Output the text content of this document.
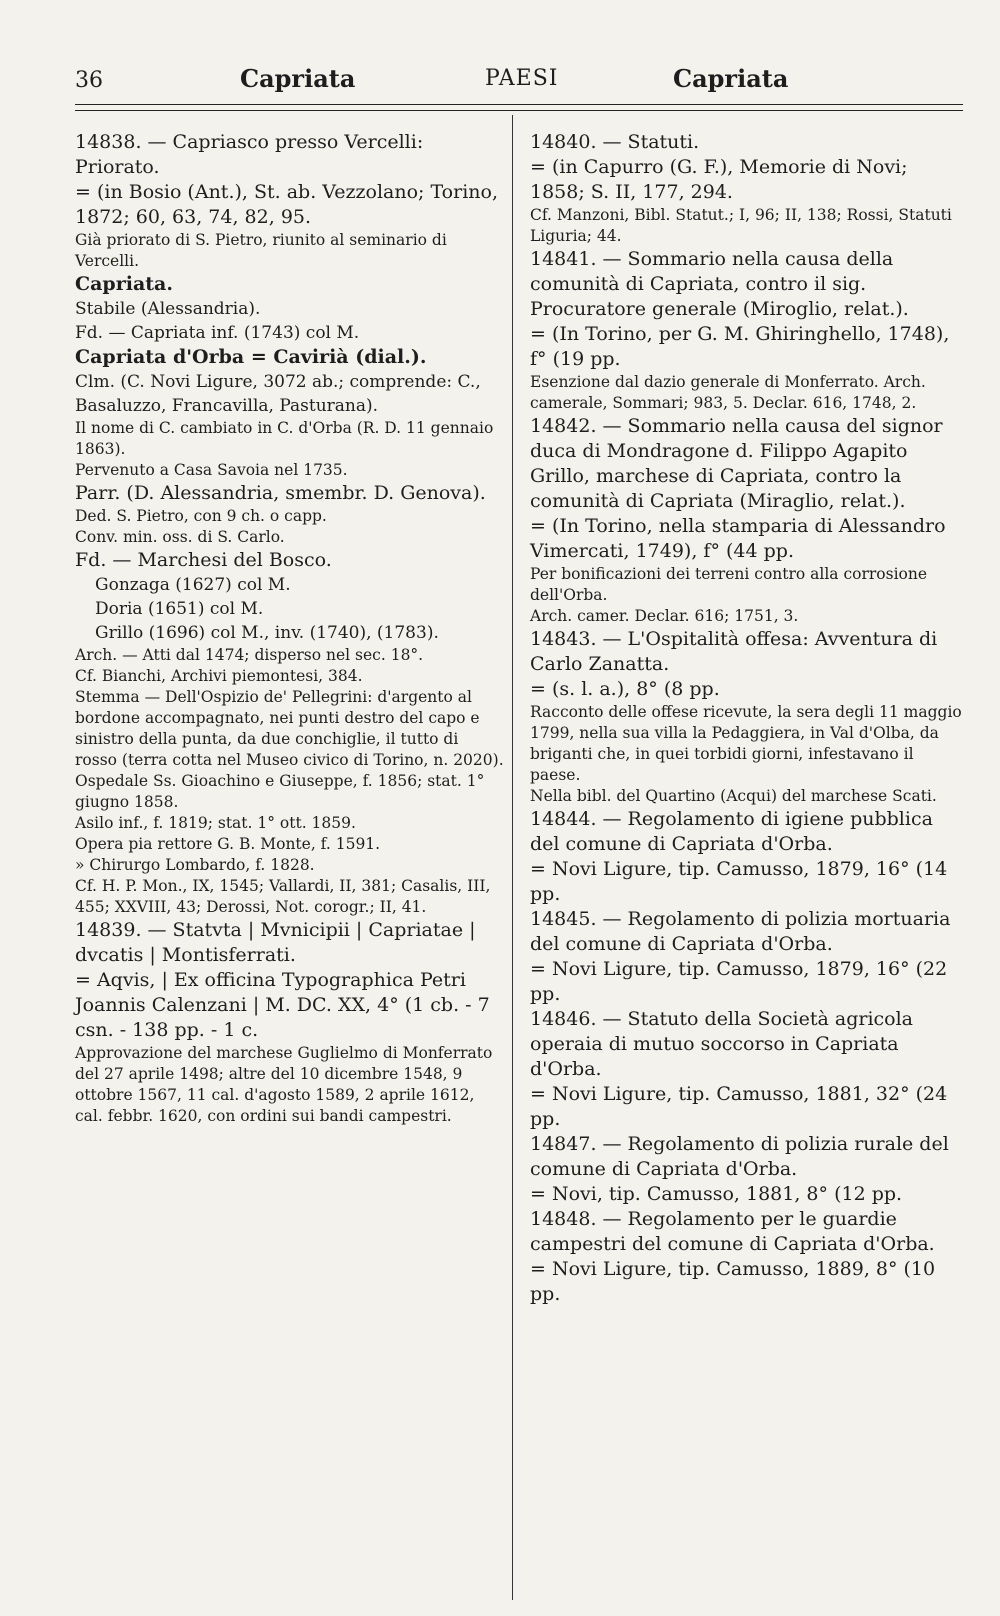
36	Capriata	PAESI	Capriata

14838. — Capriasco presso Vercelli: Priorato.

= (in Bosio (Ant.), St. ab. Vezzolano; Torino, 1872; 60, 63, 74, 82, 95.

Già priorato di S. Pietro, riunito al seminario di Vercelli.

Capriata.

Stabile (Alessandria).

Fd. — Capriata inf. (1743) col M.

Capriata d'Orba = Cavirià (dial.).

Clm. (C. Novi Ligure, 3072 ab.; comprende: C., Basaluzzo, Francavilla, Pasturana).

Il nome di C. cambiato in C. d'Orba (R. D. 11 gennaio 1863).

Pervenuto a Casa Savoia nel 1735.

Parr. (D. Alessandria, smembr. D. Genova).

Ded. S. Pietro, con 9 ch. o capp.

Conv. min. oss. di S. Carlo.

Fd. — Marchesi del Bosco.

Gonzaga (1627) col M.

Doria (1651) col M.

Grillo (1696) col M., inv. (1740), (1783).

Arch. — Atti dal 1474; disperso nel sec. 18°.

Cf. Bianchi, Archivi piemontesi, 384.

Stemma — Dell'Ospizio de' Pellegrini: d'argento al bordone accompagnato, nei punti destro del capo e sinistro della punta, da due conchiglie, il tutto di rosso (terra cotta nel Museo civico di Torino, n. 2020).

Ospedale Ss. Gioachino e Giuseppe, f. 1856; stat. 1° giugno 1858.

Asilo inf., f. 1819; stat. 1° ott. 1859.

Opera pia rettore G. B. Monte, f. 1591.

» Chirurgo Lombardo, f. 1828.

Cf. H. P. Mon., IX, 1545; Vallardi, II, 381; Casalis, III, 455; XXVIII, 43; Derossi, Not. corogr.; II, 41.

14839. — Statvta | Mvnicipii | Capriatae | dvcatis | Montisferrati.

= Aqvis, | Ex officina Typographica Petri Joannis Calenzani | M. DC. XX, 4° (1 cb. - 7 csn. - 138 pp. - 1 c.

Approvazione del marchese Guglielmo di Monferrato del 27 aprile 1498; altre del 10 dicembre 1548, 9 ottobre 1567, 11 cal. d'agosto 1589, 2 aprile 1612, cal. febbr. 1620, con ordini sui bandi campestri.

14840. — Statuti.

= (in Capurro (G. F.), Memorie di Novi; 1858; S. II, 177, 294.

Cf. Manzoni, Bibl. Statut.; I, 96; II, 138; Rossi, Statuti Liguria; 44.

14841. — Sommario nella causa della comunità di Capriata, contro il sig. Procuratore generale (Miroglio, relat.).

= (In Torino, per G. M. Ghiringhello, 1748), f° (19 pp.

Esenzione dal dazio generale di Monferrato. Arch. camerale, Sommari; 983, 5. Declar. 616, 1748, 2.

14842. — Sommario nella causa del signor duca di Mondragone d. Filippo Agapito Grillo, marchese di Capriata, contro la comunità di Capriata (Miraglio, relat.).

= (In Torino, nella stamparia di Alessandro Vimercati, 1749), f° (44 pp.

Per bonificazioni dei terreni contro alla corrosione dell'Orba.

Arch. camer. Declar. 616; 1751, 3.

14843. — L'Ospitalità offesa: Avventura di Carlo Zanatta.

= (s. l. a.), 8° (8 pp.

Racconto delle offese ricevute, la sera degli 11 maggio 1799, nella sua villa la Pedaggiera, in Val d'Olba, da briganti che, in quei torbidi giorni, infestavano il paese.

Nella bibl. del Quartino (Acqui) del marchese Scati.

14844. — Regolamento di igiene pubblica del comune di Capriata d'Orba.

= Novi Ligure, tip. Camusso, 1879, 16° (14 pp.

14845. — Regolamento di polizia mortuaria del comune di Capriata d'Orba.

= Novi Ligure, tip. Camusso, 1879, 16° (22 pp.

14846. — Statuto della Società agricola operaia di mutuo soccorso in Capriata d'Orba.

= Novi Ligure, tip. Camusso, 1881, 32° (24 pp.

14847. — Regolamento di polizia rurale del comune di Capriata d'Orba.

= Novi, tip. Camusso, 1881, 8° (12 pp.

14848. — Regolamento per le guardie campestri del comune di Capriata d'Orba.

= Novi Ligure, tip. Camusso, 1889, 8° (10 pp.
